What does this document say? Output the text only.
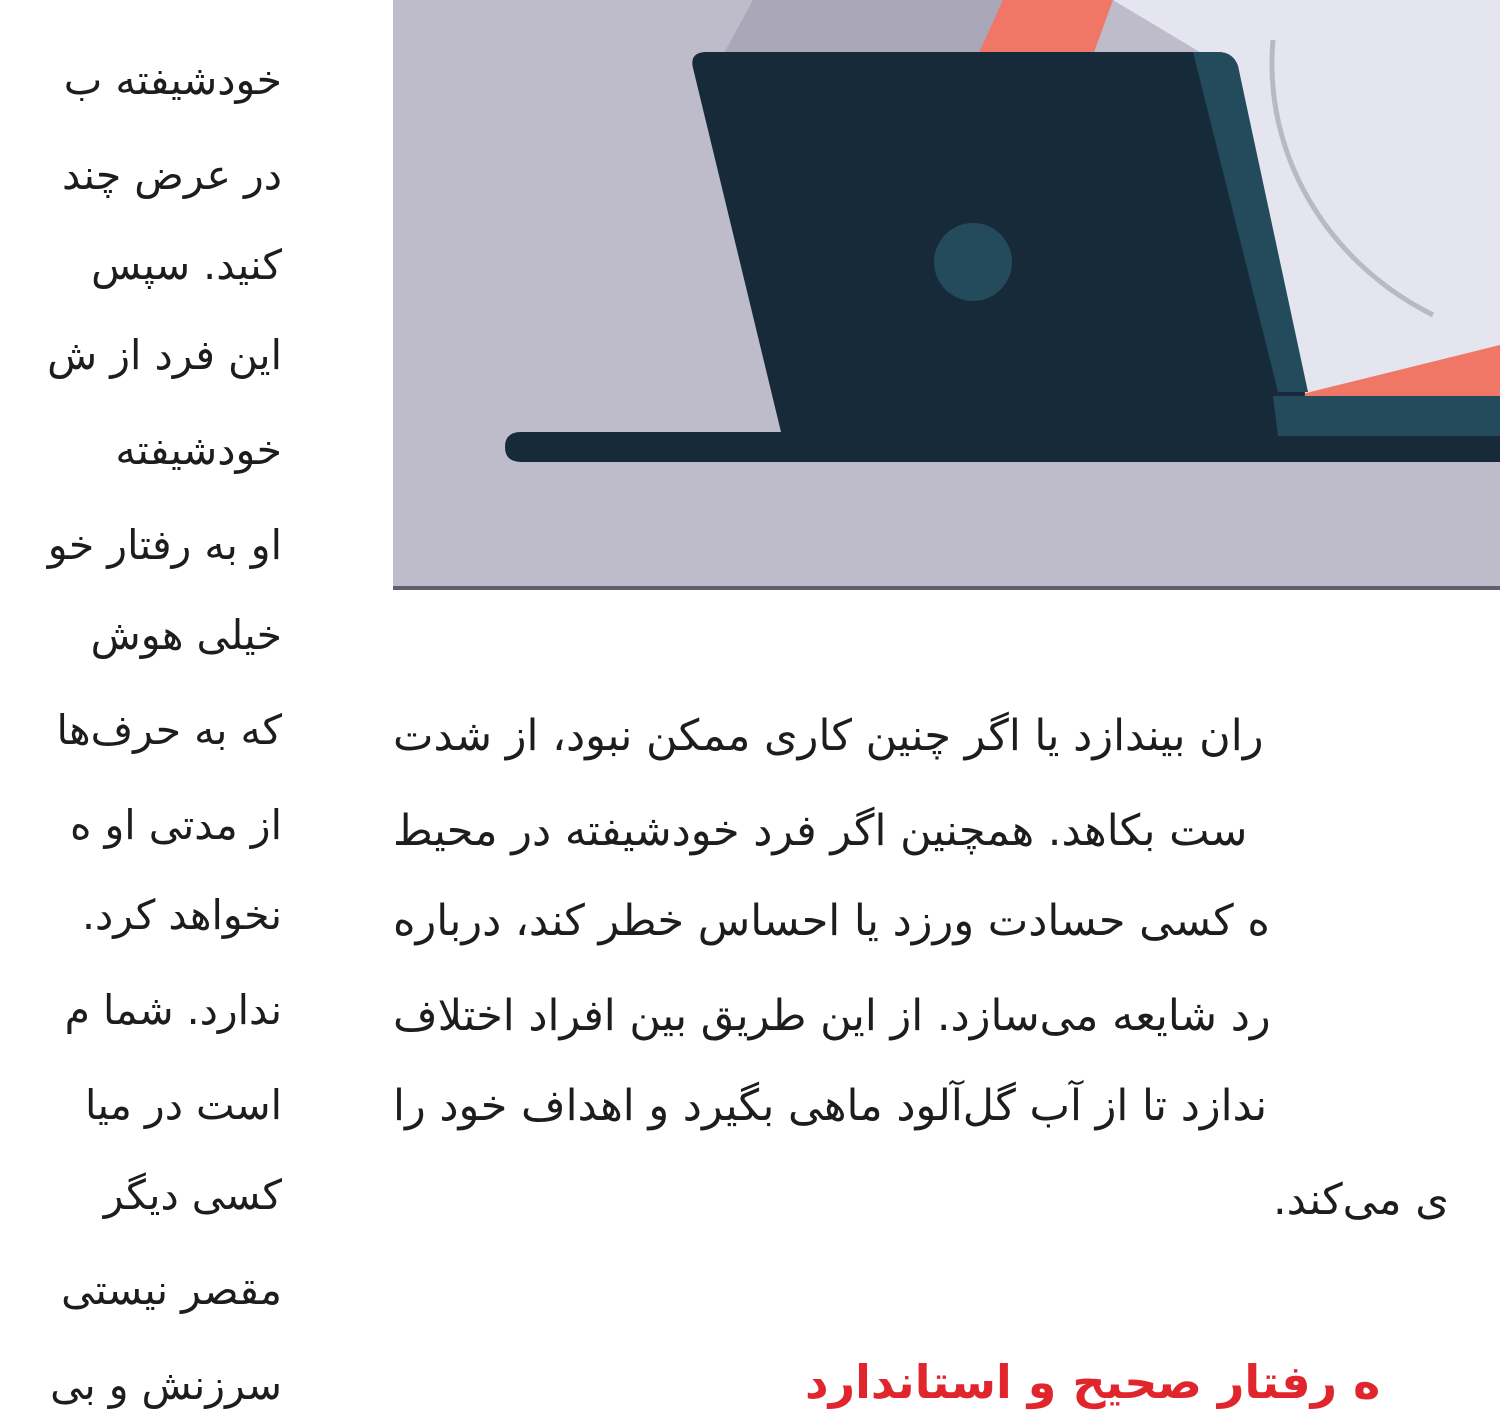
خودشیفته ب
در عرض چند
کنید. سپس
این فرد از ش
خودشیفته
او به رفتار خو
خیلی هوش
که به حرف‌ها
از مدتی او ه
نخواهد کرد.
ندارد. شما م
است در میا
کسی دیگر
مقصر نیستی
سرزنش و بی
ران بیندازد یا اگر چنین کاری ممکن نبود، از شدت
ست بکاهد. همچنین اگر فرد خودشیفته در محیط
ه کسی حسادت ورزد یا احساس خطر کند، درباره
رد شایعه می‌سازد. از این طریق بین افراد اختلاف
ندازد تا از آب گل‌آلود ماهی بگیرد و اهداف خود را
ی می‌کند.
ه رفتار صحیح و استاندارد
